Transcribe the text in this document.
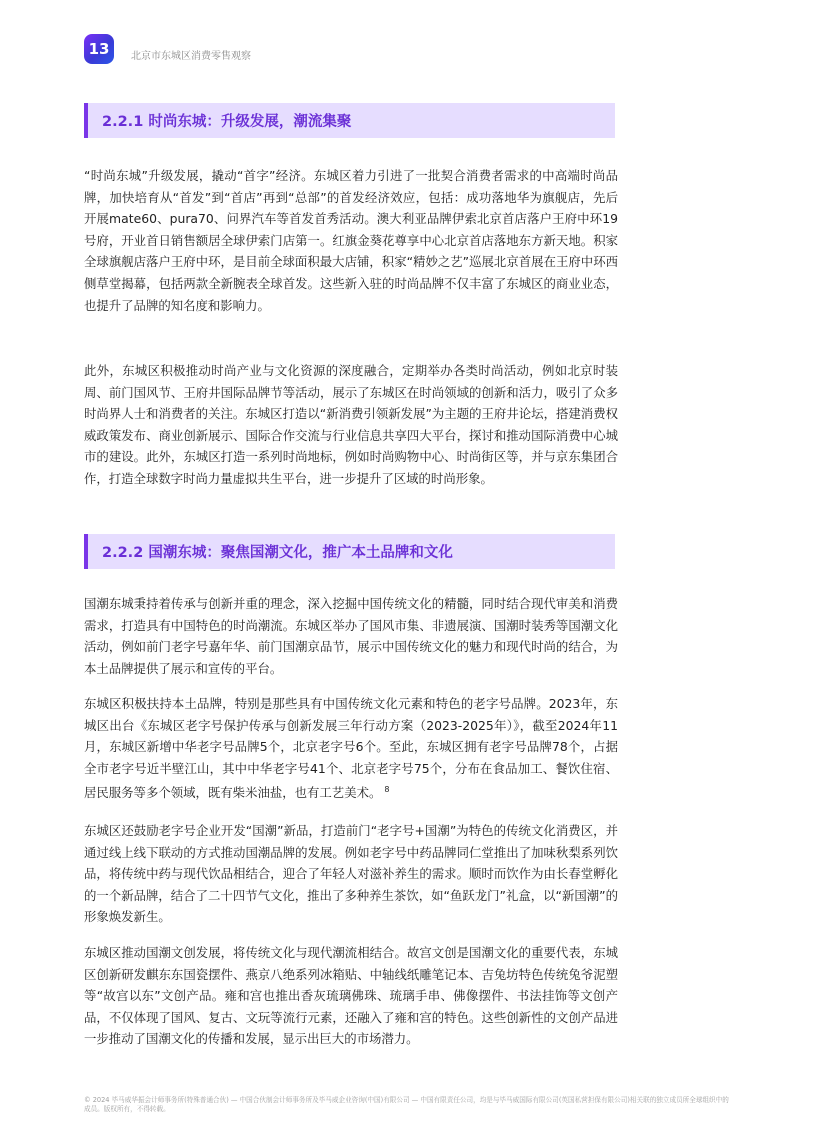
13 北京市东城区消费零售观察
2.2.1 时尚东城：升级发展，潮流集聚

“时尚东城”升级发展，撬动“首字”经济。东城区着力引进了一批契合消费者需求的中高端时尚品牌，加快培育从“首发”到“首店”再到“总部”的首发经济效应，包括：成功落地华为旗舰店，先后开展mate60、pura70、问界汽车等首发首秀活动。澳大利亚品牌伊索北京首店落户王府中环19号府，开业首日销售额居全球伊索门店第一。红旗金葵花尊享中心北京首店落地东方新天地。积家全球旗舰店落户王府中环，是目前全球面积最大店铺，积家“精妙之艺”巡展北京首展在王府中环西侧草堂揭幕，包括两款全新腕表全球首发。这些新入驻的时尚品牌不仅丰富了东城区的商业业态，也提升了品牌的知名度和影响力。

此外，东城区积极推动时尚产业与文化资源的深度融合，定期举办各类时尚活动，例如北京时装周、前门国风节、王府井国际品牌节等活动，展示了东城区在时尚领域的创新和活力，吸引了众多时尚界人士和消费者的关注。东城区打造以“新消费引领新发展”为主题的王府井论坛，搭建消费权威政策发布、商业创新展示、国际合作交流与行业信息共享四大平台，探讨和推动国际消费中心城市的建设。此外，东城区打造一系列时尚地标，例如时尚购物中心、时尚街区等，并与京东集团合作，打造全球数字时尚力量虚拟共生平台，进一步提升了区域的时尚形象。

2.2.2 国潮东城：聚焦国潮文化，推广本土品牌和文化

国潮东城秉持着传承与创新并重的理念，深入挖掘中国传统文化的精髓，同时结合现代审美和消费需求，打造具有中国特色的时尚潮流。东城区举办了国风市集、非遗展演、国潮时装秀等国潮文化活动，例如前门老字号嘉年华、前门国潮京品节，展示中国传统文化的魅力和现代时尚的结合，为本土品牌提供了展示和宣传的平台。

东城区积极扶持本土品牌，特别是那些具有中国传统文化元素和特色的老字号品牌。2023年，东城区出台《东城区老字号保护传承与创新发展三年行动方案（2023-2025年）》，截至2024年11月，东城区新增中华老字号品牌5个，北京老字号6个。至此，东城区拥有老字号品牌78个，占据全市老字号近半壁江山，其中中华老字号41个、北京老字号75个，分布在食品加工、餐饮住宿、居民服务等多个领域，既有柴米油盐，也有工艺美术。 $^8$

东城区还鼓励老字号企业开发“国潮”新品，打造前门“老字号+国潮”为特色的传统文化消费区，并通过线上线下联动的方式推动国潮品牌的发展。例如老字号中药品牌同仁堂推出了加味秋梨系列饮品，将传统中药与现代饮品相结合，迎合了年轻人对滋补养生的需求。顺时而饮作为由长春堂孵化的一个新品牌，结合了二十四节气文化，推出了多种养生茶饮，如“鱼跃龙门”礼盒，以“新国潮”的形象焕发新生。

东城区推动国潮文创发展，将传统文化与现代潮流相结合。故宫文创是国潮文化的重要代表，东城区创新研发麒东东国瓷摆件、燕京八绝系列冰箱贴、中轴线纸雕笔记本、吉兔坊特色传统兔爷泥塑等“故宫以东”文创产品。雍和宫也推出香灰琉璃佛珠、琉璃手串、佛像摆件、书法挂饰等文创产品，不仅体现了国风、复古、文玩等流行元素，还融入了雍和宫的特色。这些创新性的文创产品进一步推动了国潮文化的传播和发展，显示出巨大的市场潜力。

© 2024 毕马威华振会计师事务所(特殊普通合伙) — 中国合伙制会计师事务所及毕马威企业咨询(中国)有限公司 — 中国有限责任公司，均是与毕马威国际有限公司(英国私营担保有限公司)相关联的独立成员所全球组织中的成员。版权所有，不得转载。
